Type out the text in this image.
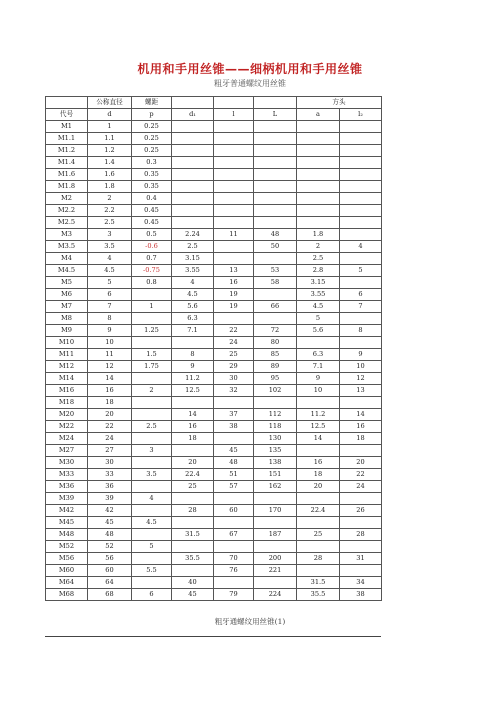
机用和手用丝锥——细柄机用和手用丝锥
粗牙普通螺纹用丝锥
	公称直径	螺距				方头	
代号	d	p	d₁	l	L	a	l₂
M1	1	0.25					
M1.1	1.1	0.25					
M1.2	1.2	0.25					
M1.4	1.4	0.3					
M1.6	1.6	0.35					
M1.8	1.8	0.35					
M2	2	0.4					
M2.2	2.2	0.45					
M2.5	2.5	0.45					
M3	3	0.5	2.24	11	48	1.8	
M3.5	3.5	-0.6	2.5		50	2	4
M4	4	0.7	3.15			2.5	
M4.5	4.5	-0.75	3.55	13	53	2.8	5
M5	5	0.8	4	16	58	3.15	
M6	6		4.5	19		3.55	6
M7	7	1	5.6	19	66	4.5	7
M8	8		6.3			5	
M9	9	1.25	7.1	22	72	5.6	8
M10	10			24	80		
M11	11	1.5	8	25	85	6.3	9
M12	12	1.75	9	29	89	7.1	10
M14	14		11.2	30	95	9	12
M16	16	2	12.5	32	102	10	13
M18	18						
M20	20		14	37	112	11.2	14
M22	22	2.5	16	38	118	12.5	16
M24	24		18		130	14	18
M27	27	3		45	135		
M30	30		20	48	138	16	20
M33	33	3.5	22.4	51	151	18	22
M36	36		25	57	162	20	24
M39	39	4					
M42	42		28	60	170	22.4	26
M45	45	4.5					
M48	48		31.5	67	187	25	28
M52	52	5					
M56	56		35.5	70	200	28	31
M60	60	5.5		76	221		
M64	64		40			31.5	34
M68	68	6	45	79	224	35.5	38
粗牙通螺纹用丝锥(1)
